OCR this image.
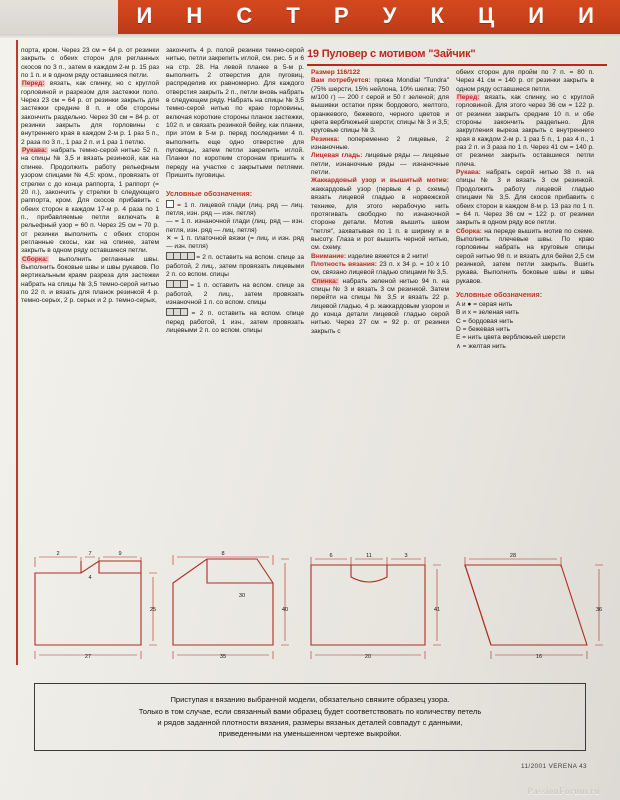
И Н С Т Р У К Ц И И
19 Пуловер с мотивом "Зайчик"

порта, кром. Через 23 см = 64 р. от резинки закрыть с обеих сторон для регланных скосов по 3 п., затем в каждом 2-м р. 15 раз по 1 п. и в одном ряду оставшиеся петли.

Перед: вязать, как спинку, но с круглой горловиной и разрезом для застежки поло. Через 23 см = 64 р. от резинки закрыть для застежки средние 8 п. и обе стороны закончить раздельно. Через 30 см = 84 р. от резинки закрыть для горловины с внутреннего края в каждом 2-м р. 1 раз 5 п., 2 раза по 3 п., 1 раз 2 п. и 1 раз 1 петлю.

Рукава: набрать темно-серой нитью 52 п. на спицы № 3,5 и вязать резинкой, как на спинке. Продолжить работу рельефным узором спицами № 4,5: кром., провязать от стрелки c до конца раппорта, 1 раппорт (= 20 п.), закончить у стрелки b следующего раппорта, кром. Для скосов прибавить с обеих сторон в каждом 17-м р. 4 раза по 1 п., прибавляемые петли включать в рельефный узор = 60 п. Через 25 см = 70 р. от резинки выполнить с обеих сторон регланные скосы, как на спинке, затем закрыть в одном ряду оставшиеся петли.

Сборка: выполнить регланные швы. Выполнить боковые швы и швы рукавов. По вертикальным краям разреза для застежки набрать на спицы № 3,5 темно-серой нитью по 22 п. и вязать для планок резинкой 4 р. темно-серых, 2 р. серых и 2 р. темно-серых,

закончить 4 р. полой резинки темно-серой нитью, петли закрепить иглой, см. рис. 5 и 6 на стр. 28. На левой планке в 5-м р. выполнить 2 отверстия для пуговиц, распределив их равномерно. Для каждого отверстия закрыть 2 п., петли вновь набрать в следующем ряду. Набрать на спицы № 3,5 темно-серой нитью по краю горловины, включая короткие стороны планок застежки, 102 п. и связать резинкой бейку, как планки, при этом в 5-м р. перед последними 4 п. выполнить еще одно отверстие для пуговицы, затем петли закрепить иглой. Планки по коротким сторонам пришить к переду на участке с закрытыми петлями. Пришить пуговицы.

Условные обозначения:

= 1 п. лицевой глади (лиц. ряд — лиц. петля, изн. ряд — изн. петля)

— = 1 п. изнаночной глади (лиц. ряд — изн. петля, изн. ряд — лиц. петля)

✕ = 1 п. платочной вязки (= лиц. и изн. ряд — изн. петля)

= 2 п. оставить на вспом. спице за работой, 2 лиц., затем провязать лицевыми 2 п. со вспом. спицы

= 1 п. оставить на вспом. спице за работой, 2 лиц., затем провязать изнаночной 1 п. со вспом. спицы

= 2 п. оставить на вспом. спице перед работой, 1 изн., затем провязать лицевыми 2 п. со вспом. спицы

Размер 116/122

Вам потребуется: пряжа Mondial "Tundra" (75% шерсти, 15% нейлона, 10% шелка; 750 м/100 г) — 200 г серой и 50 г зеленой; для вышивки остатки пряж бордового, желтого, оранжевого, бежевого, черного цветов и цвета верблюжьей шерсти; спицы № 3 и 3,5; круговые спицы № 3.

Резинка: попеременно 2 лицевые, 2 изнаночные.

Лицевая гладь: лицевые ряды — лицевые петли, изнаночные ряды — изнаночные петли.

Жаккардовый узор и вышитый мотив: жаккардовый узор (первые 4 р. схемы) вязать лицевой гладью в норвежской технике, для этого нерабочую нить протягивать свободно по изнаночной стороне детали. Мотив вышить швом "петля", захватывая по 1 п. в ширину и в высоту. Глаза и рот вышить черной нитью, см. схему.

Внимание: изделие вяжется в 2 нити!

Плотность вязания: 23 п. х 34 р. = 10 х 10 см, связано лицевой гладью спицами № 3,5.

Спинка: набрать зеленой нитью 94 п. на спицы № 3 и вязать 3 см резинкой. Затем перейти на спицы № 3,5 и вязать 22 р. лицевой гладью, 4 р. жаккардовым узором и до конца детали лицевой гладью серой нитью. Через 27 см = 92 р. от резинки закрыть с

обеих сторон для пройм по 7 п. = 80 п. Через 41 см = 140 р. от резинки закрыть в одном ряду оставшиеся петли.

Перед: вязать, как спинку, но с круглой горловиной. Для этого через 36 см = 122 р. от резинки закрыть средние 10 п. и обе стороны закончить раздельно. Для закругления выреза закрыть с внутреннего края в каждом 2-м р. 1 раз 5 п., 1 раз 4 п., 1 раз 2 п. и 3 раза по 1 п. Через 41 см = 140 р. от резинки закрыть оставшиеся петли плеча.

Рукава: набрать серой нитью 38 п. на спицы № 3 и вязать 3 см резинкой. Продолжить работу лицевой гладью спицами № 3,5. Для скосов прибавить с обеих сторон в каждом 8-м р. 13 раз по 1 п. = 64 п. Через 36 см = 122 р. от резинки закрыть в одном ряду все петли.

Сборка: на переде вышить мотив по схеме. Выполнить плечевые швы. По краю горловины набрать на круговые спицы серой нитью 98 п. и вязать для бейки 2,5 см резинкой, затем петли закрыть. Вшить рукава. Выполнить боковые швы и швы рукавов.

Условные обозначения:

A и ● = серая нить

B и x = зеленая нить

C = бордовая нить

D = бежевая нить

E = нить цвета верблюжьей шерсти

∧ = желтая нить

2	7	9
27
25
4
8
35
40
30
6	11	3
20
41
28
16
36
Приступая к вязанию выбранной модели, обязательно свяжите образец узора.
Только в том случае, если связанный вами образец будет соответствовать по количеству петель
и рядов заданной плотности вязания, размеры вязаных деталей совпадут с данными,
приведенными на уменьшенном чертеже выкройки.
11/2001 VERENA 43
PassionForum.ru
